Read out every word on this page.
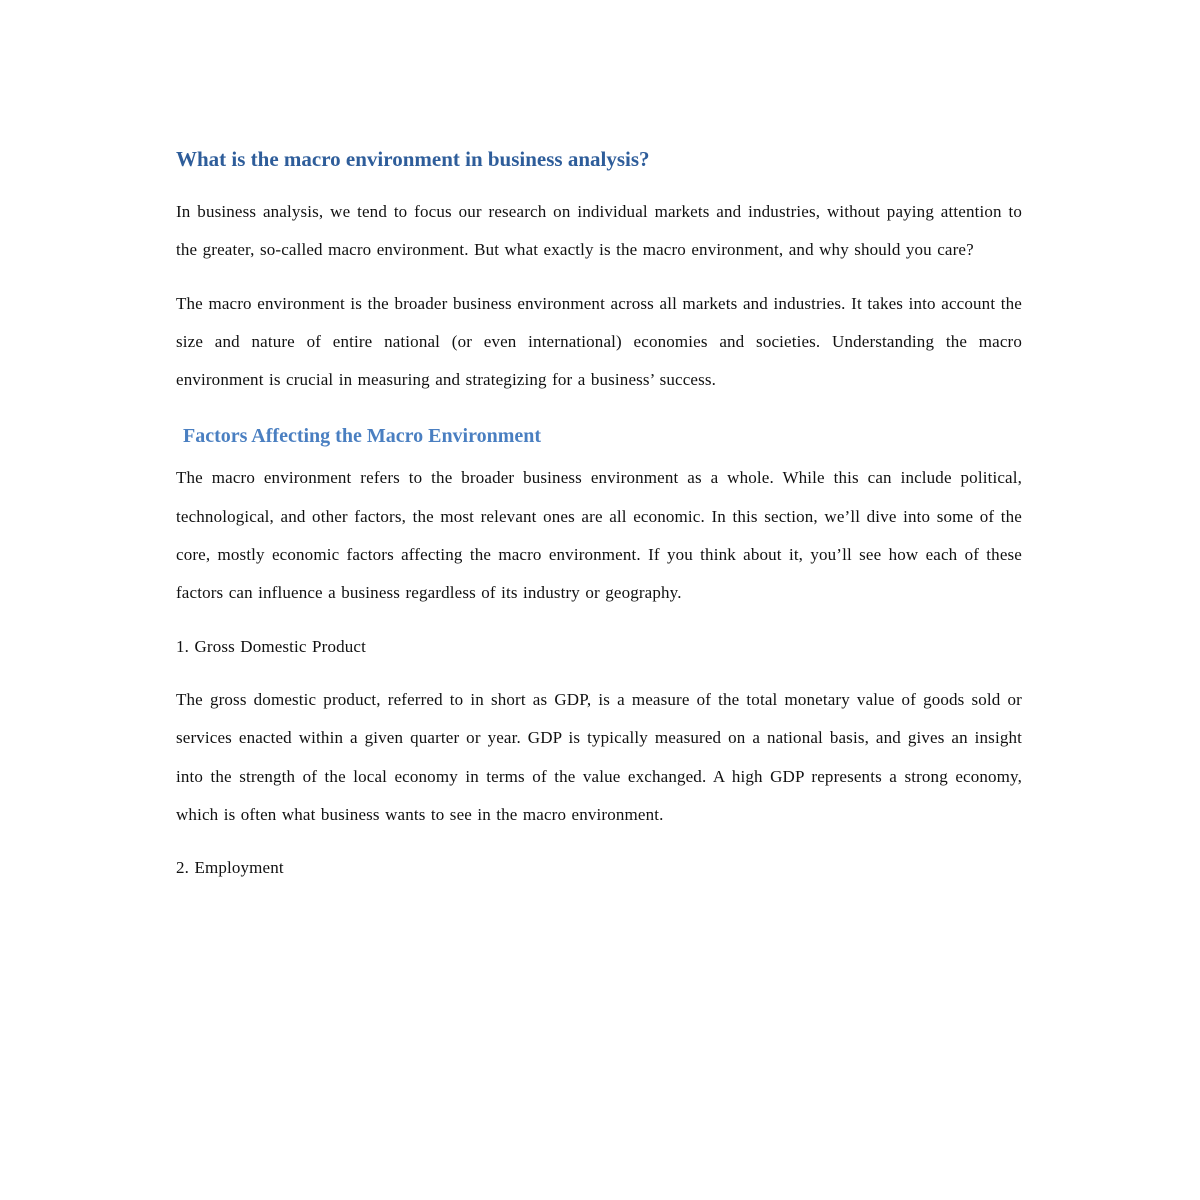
What is the macro environment in business analysis?

In business analysis, we tend to focus our research on individual markets and industries, without paying attention to the greater, so-called macro environment. But what exactly is the macro environment, and why should you care?

The macro environment is the broader business environment across all markets and industries. It takes into account the size and nature of entire national (or even international) economies and societies. Understanding the macro environment is crucial in measuring and strategizing for a business’ success.

Factors Affecting the Macro Environment

The macro environment refers to the broader business environment as a whole. While this can include political, technological, and other factors, the most relevant ones are all economic. In this section, we’ll dive into some of the core, mostly economic factors affecting the macro environment. If you think about it, you’ll see how each of these factors can influence a business regardless of its industry or geography.

1. Gross Domestic Product

The gross domestic product, referred to in short as GDP, is a measure of the total monetary value of goods sold or services enacted within a given quarter or year. GDP is typically measured on a national basis, and gives an insight into the strength of the local economy in terms of the value exchanged. A high GDP represents a strong economy, which is often what business wants to see in the macro environment.

2. Employment
